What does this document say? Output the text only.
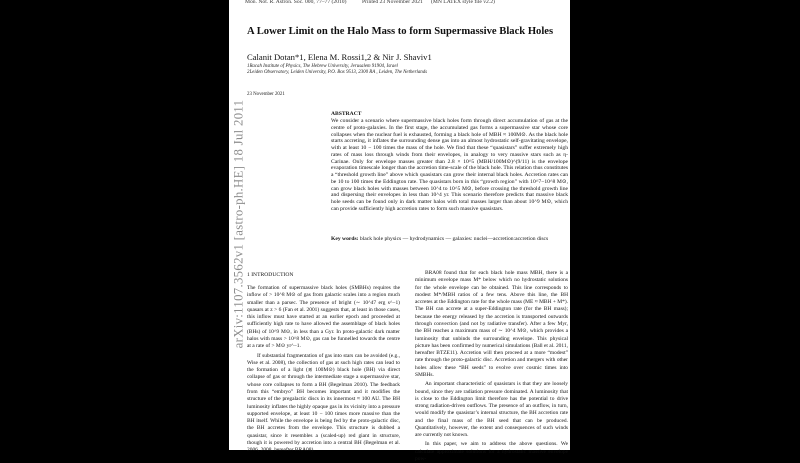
Mon. Not. R. Astron. Soc. 000, 77–77 (2010)	Printed 23 November 2021 (MN LATEX style file v2.2)
A Lower Limit on the Halo Mass to form Supermassive Black Holes
Calanit Dotan*1, Elena M. Rossi1,2 & Nir J. Shaviv1
1Racah Institute of Physics, The Hebrew University, Jerusalem 91904, Israel
2Leiden Observatory, Leiden University, P.O. Box 9513, 2300 RA , Leiden, The Netherlands
23 November 2021
ABSTRACT
We consider a scenario where supermassive black holes form through direct accumulation of gas at the centre of proto-galaxies. In the first stage, the accumulated gas forms a supermassive star whose core collapses when the nuclear fuel is exhausted, forming a black hole of MBH ≈ 100M⊙. As the black hole starts accreting, it inflates the surrounding dense gas into an almost hydrostatic self-gravitating envelope, with at least 10 − 100 times the mass of the hole. We find that these “quasistars” suffer extremely high rates of mass loss through winds from their envelopes, in analogy to very massive stars such as η-Carinae. Only for envelope masses greater than 2.8 × 10^5 (MBH/100M⊙)^(9/11) is the envelope evaporation timescale longer than the accretion time-scale of the black hole. This relation thus constitutes a “threshold growth line” above which quasistars can grow their internal black holes. Accretion rates can be 10 to 100 times the Eddington rate. The quasistars born in this “growth region” with 10^7−10^8 M⊙, can grow black holes with masses between 10^4 to 10^5 M⊙, before crossing the threshold growth line and dispersing their envelopes in less than 10^4 yr. This scenario therefore predicts that massive black hole seeds can be found only in dark matter halos with total masses larger than about 10^9 M⊙, which can provide sufficiently high accretion rates to form such massive quasistars.
Key words: black hole physics — hydrodynamics — galaxies: nuclei—accretion:accretion discs
1 INTRODUCTION

The formation of supermassive black holes (SMBHs) requires the inflow of > 10^8 M⊙ of gas from galactic scales into a region much smaller than a parsec. The presence of bright (∼ 10^47 erg s^−1) quasars at z > 6 (Fan et al. 2001) suggests that, at least in those cases, this inflow must have started at an earlier epoch and proceeded at sufficiently high rate to have allowed the assemblage of black holes (BHs) of 10^9 M⊙, in less than a Gyr. In proto-galactic dark matter halos with mass > 10^8 M⊙, gas can be funnelled towards the centre at a rate of > M⊙ yr^−1.

If substantial fragmentation of gas into stars can be avoided (e.g., Wise et al. 2008), the collection of gas at such high rates can lead to the formation of a light (≲ 100M⊙) black hole (BH) via direct collapse of gas or through the intermediate stage a supermassive star, whose core collapses to form a BH (Begelman 2010). The feedback from this “embryo” BH becomes important and it modifies the structure of the pregalactic discs in its innermost ≈ 100 AU. The BH luminosity inflates the highly opaque gas in its vicinity into a pressure supported envelope, at least 10 − 100 times more massive than the BH itself. While the envelope is being fed by the proto-galactic disc, the BH accretes from the envelope. This structure is dubbed a quasistar, since it resembles a (scaled-up) red giant in structure, though it is powered by accretion into a central BH (Begelman et al. 2006, 2008, hereafter BRA08).

BRA08 found that for each black hole mass MBH, there is a minimum envelope mass M* below which no hydrostatic solutions for the whole envelope can be obtained. This line corresponds to modest M*/MBH ratios of a few tens. Above this line, the BH accretes at the Eddington rate for the whole mass (ME ≈ MBH + M*). The BH can accrete at a super-Eddington rate (for the BH mass); because the energy released by the accretion is transported outwards through convection (and not by radiative transfer). After a few Myr, the BH reaches a maximum mass of ∼ 10^4 M⊙, which provides a luminosity that unbinds the surrounding envelope. This physical picture has been confirmed by numerical simulations (Ball et al. 2011, hereafter BTZE11). Accretion will then proceed at a more “modest” rate through the proto-galactic disc. Accretion and mergers with other holes allow these “BH seeds” to evolve over cosmic times into SMBHs.

An important characteristic of quasistars is that they are loosely bound, since they are radiation pressure dominated. A luminosity that is close to the Eddington limit therefore has the potential to drive strong radiation-driven outflows. The presence of an outflow, in turn, would modify the quasistar’s internal structure, the BH accretion rate and the final mass of the BH seed that can be produced. Quantitatively, however, the extent and consequences of such winds are currently not known.

In this paper, we aim to address the above questions. We calculate approximate solutions for a hydrostatic massive envelope pow-

arXiv:1107.3562v1 [astro-ph.HE] 18 Jul 2011
